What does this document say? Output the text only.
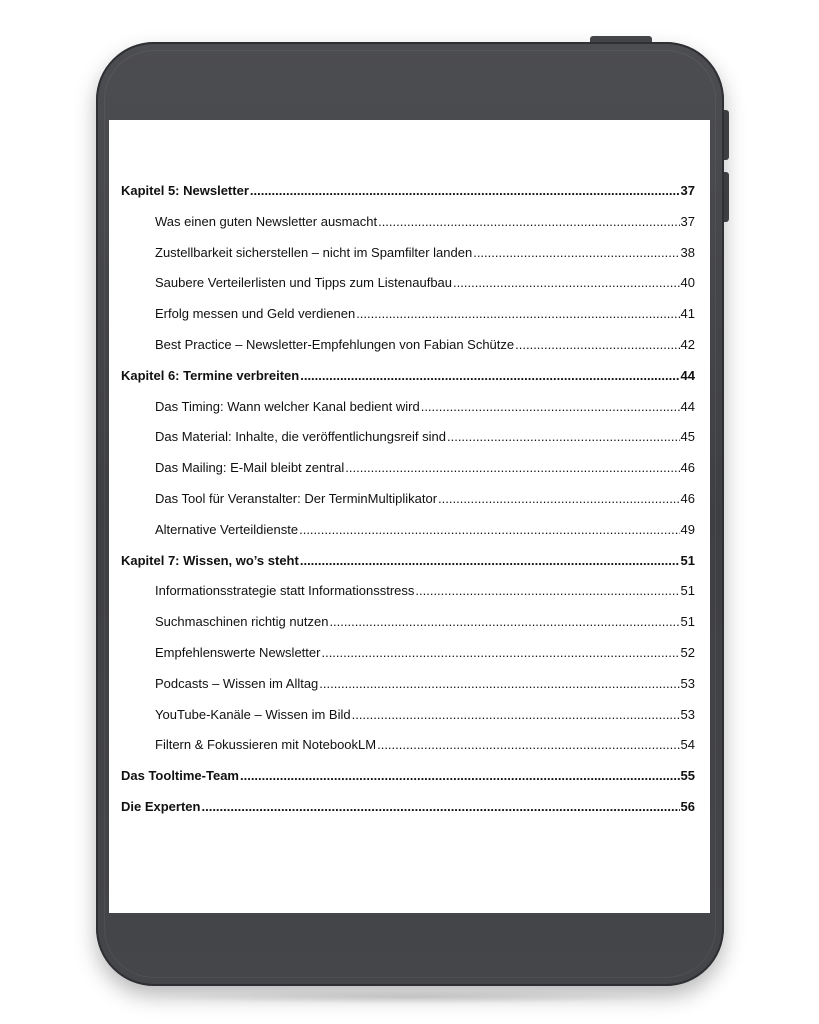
Kapitel 5: Newsletter .....	37
Was einen guten Newsletter ausmacht .....	37
Zustellbarkeit sicherstellen – nicht im Spamfilter landen .....	38
Saubere Verteilerlisten und Tipps zum Listenaufbau .....	40
Erfolg messen und Geld verdienen .....	41
Best Practice – Newsletter-Empfehlungen von Fabian Schütze .....	42
Kapitel 6: Termine verbreiten .....	44
Das Timing: Wann welcher Kanal bedient wird .....	44
Das Material: Inhalte, die veröffentlichungsreif sind .....	45
Das Mailing: E-Mail bleibt zentral .....	46
Das Tool für Veranstalter: Der TerminMultiplikator .....	46
Alternative Verteildienste .....	49
Kapitel 7: Wissen, wo’s steht .....	51
Informationsstrategie statt Informationsstress .....	51
Suchmaschinen richtig nutzen .....	51
Empfehlenswerte Newsletter .....	52
Podcasts – Wissen im Alltag .....	53
YouTube-Kanäle – Wissen im Bild .....	53
Filtern & Fokussieren mit NotebookLM .....	54
Das Tooltime-Team .....	55
Die Experten .....	56
